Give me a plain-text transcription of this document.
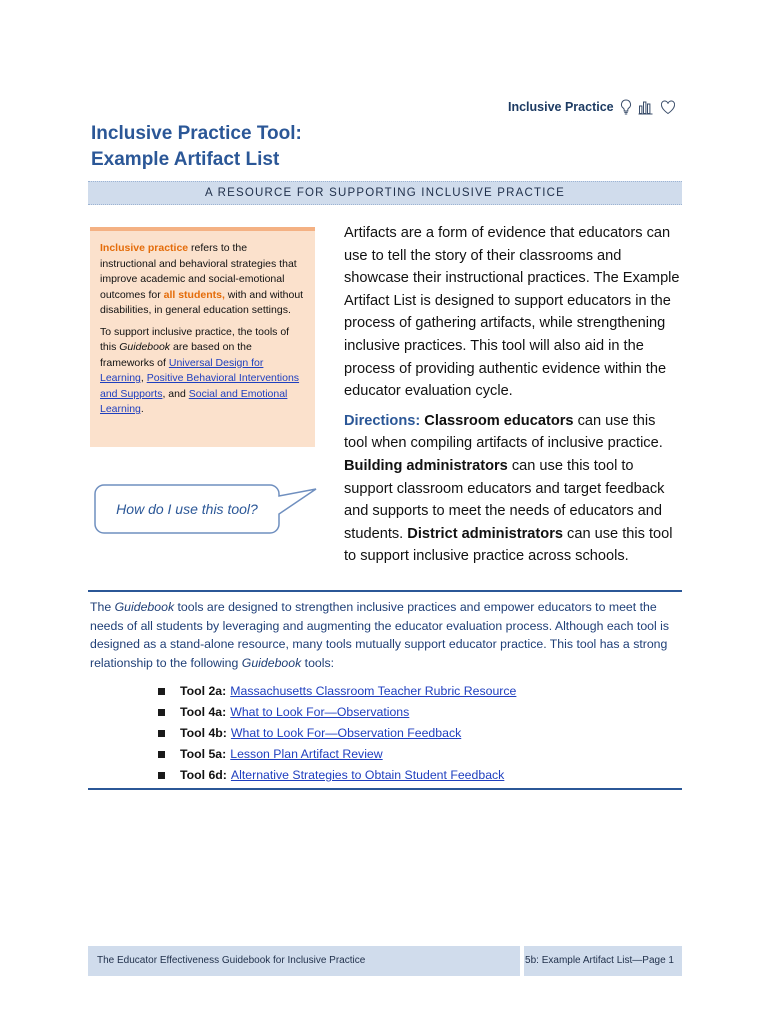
Inclusive Practice
Inclusive Practice Tool:
Example Artifact List
A RESOURCE FOR SUPPORTING INCLUSIVE PRACTICE

Inclusive practice refers to the instructional and behavioral strategies that improve academic and social-emotional outcomes for all students, with and without disabilities, in general education settings.

To support inclusive practice, the tools of this Guidebook are based on the frameworks of Universal Design for Learning, Positive Behavioral Interventions and Supports, and Social and Emotional Learning.

How do I use this tool?

Artifacts are a form of evidence that educators can use to tell the story of their classrooms and showcase their instructional practices. The Example Artifact List is designed to support educators in the process of gathering artifacts, while strengthening inclusive practices. This tool will also aid in the process of providing authentic evidence within the educator evaluation cycle.

Directions: Classroom educators can use this tool when compiling artifacts of inclusive practice. Building administrators can use this tool to support classroom educators and target feedback and supports to meet the needs of educators and students. District administrators can use this tool to support inclusive practice across schools.

The Guidebook tools are designed to strengthen inclusive practices and empower educators to meet the needs of all students by leveraging and augmenting the educator evaluation process. Although each tool is designed as a stand-alone resource, many tools mutually support educator practice. This tool has a strong relationship to the following Guidebook tools:

Tool 2a: Massachusetts Classroom Teacher Rubric Resource
Tool 4a: What to Look For—Observations
Tool 4b: What to Look For—Observation Feedback
Tool 5a: Lesson Plan Artifact Review
Tool 6d: Alternative Strategies to Obtain Student Feedback
The Educator Effectiveness Guidebook for Inclusive Practice	5b: Example Artifact List—Page 1
